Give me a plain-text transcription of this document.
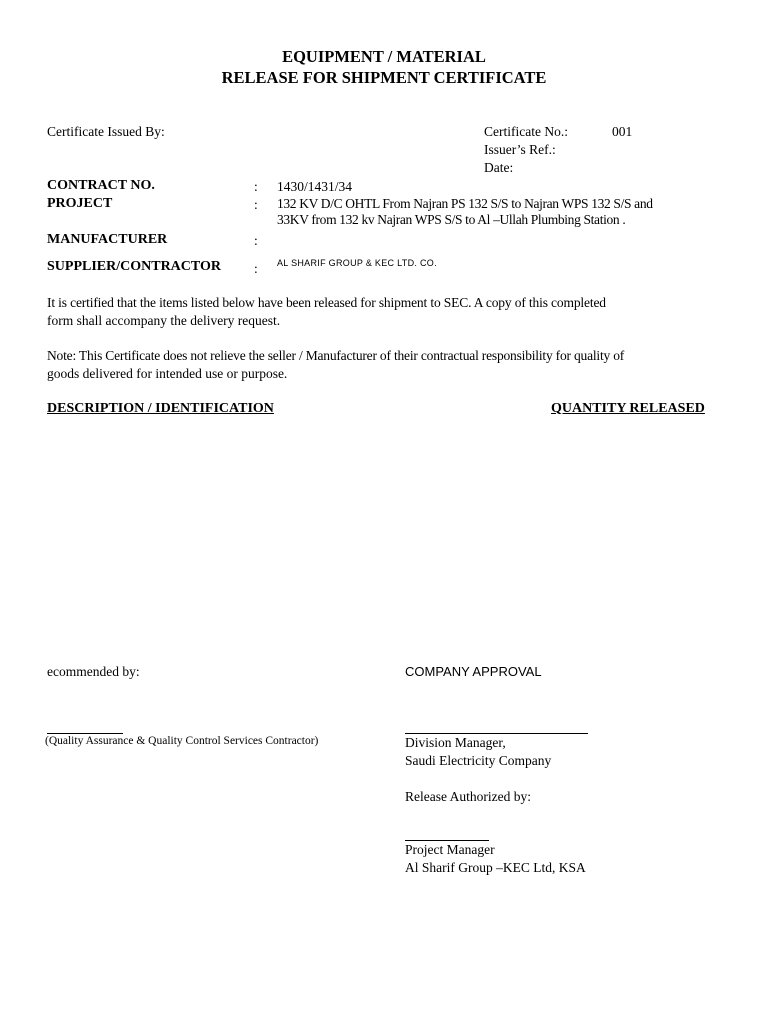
EQUIPMENT / MATERIAL
RELEASE FOR SHIPMENT CERTIFICATE
Certificate Issued By:	Certificate No.:	001
Issuer’s Ref.:
Date:
CONTRACT NO.	: 1430/1431/34
PROJECT	: 132 KV D/C OHTL From Najran PS 132 S/S to Najran WPS 132 S/S and
33KV from 132 kv Najran WPS S/S to Al –Ullah Plumbing Station .
MANUFACTURER	:
SUPPLIER/CONTRACTOR : AL SHARIF GROUP & KEC LTD. CO.
It is certified that the items listed below have been released for shipment to SEC. A copy of this completed
form shall accompany the delivery request.
Note: This Certificate does not relieve the seller / Manufacturer of their contractual responsibility for quality of
goods delivered for intended use or purpose.
DESCRIPTION / IDENTIFICATION	QUANTITY RELEASED
ecommended by:
(Quality Assurance & Quality Control Services Contractor)
COMPANY APPROVAL
Division Manager,
Saudi Electricity Company
Release Authorized by:
Project Manager
Al Sharif Group –KEC Ltd, KSA
